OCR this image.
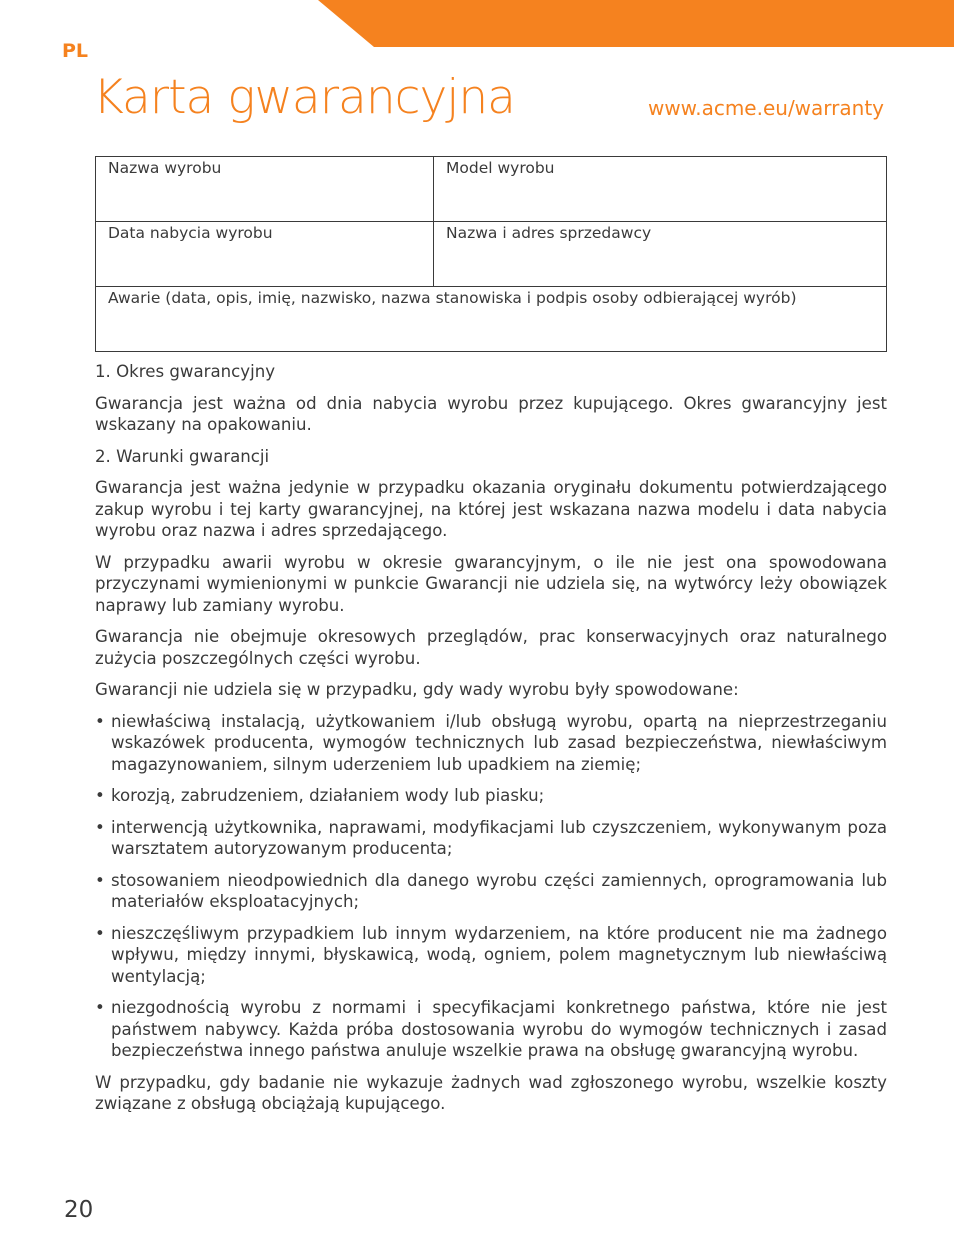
PL
Karta gwarancyjna	www.acme.eu/warranty
Nazwa wyrobu	Model wyrobu
Data nabycia wyrobu	Nazwa i adres sprzedawcy
Awarie (data, opis, imię, nazwisko, nazwa stanowiska i podpis osoby odbierającej wyrób)	

1. Okres gwarancyjny

Gwarancja jest ważna od dnia nabycia wyrobu przez kupującego. Okres gwarancyjny jest wskazany na opakowaniu.

2. Warunki gwarancji

Gwarancja jest ważna jedynie w przypadku okazania oryginału dokumentu potwierdzającego zakup wyrobu i tej karty gwarancyjnej, na której jest wskazana nazwa modelu i data nabycia wyrobu oraz nazwa i adres sprzedającego.

W przypadku awarii wyrobu w okresie gwarancyjnym, o ile nie jest ona spowodowana przyczynami wymienionymi w punkcie Gwarancji nie udziela się, na wytwórcy leży obowiązek naprawy lub zamiany wyrobu.

Gwarancja nie obejmuje okresowych przeglądów, prac konserwacyjnych oraz naturalnego zużycia poszczególnych części wyrobu.

Gwarancji nie udziela się w przypadku, gdy wady wyrobu były spowodowane:

• niewłaściwą instalacją, użytkowaniem i/lub obsługą wyrobu, opartą na nieprzestrzeganiu wskazówek producenta, wymogów technicznych lub zasad bezpieczeństwa, niewłaściwym magazynowaniem, silnym uderzeniem lub upadkiem na ziemię;
• korozją, zabrudzeniem, działaniem wody lub piasku;
• interwencją użytkownika, naprawami, modyfikacjami lub czyszczeniem, wykonywanym poza warsztatem autoryzowanym producenta;
• stosowaniem nieodpowiednich dla danego wyrobu części zamiennych, oprogramowania lub materiałów eksploatacyjnych;
• nieszczęśliwym przypadkiem lub innym wydarzeniem, na które producent nie ma żadnego wpływu, między innymi, błyskawicą, wodą, ogniem, polem magnetycznym lub niewłaściwą wentylacją;
• niezgodnością wyrobu z normami i specyfikacjami konkretnego państwa, które nie jest państwem nabywcy. Każda próba dostosowania wyrobu do wymogów technicznych i zasad bezpieczeństwa innego państwa anuluje wszelkie prawa na obsługę gwarancyjną wyrobu.

W przypadku, gdy badanie nie wykazuje żadnych wad zgłoszonego wyrobu, wszelkie koszty związane z obsługą obciążają kupującego.

20
